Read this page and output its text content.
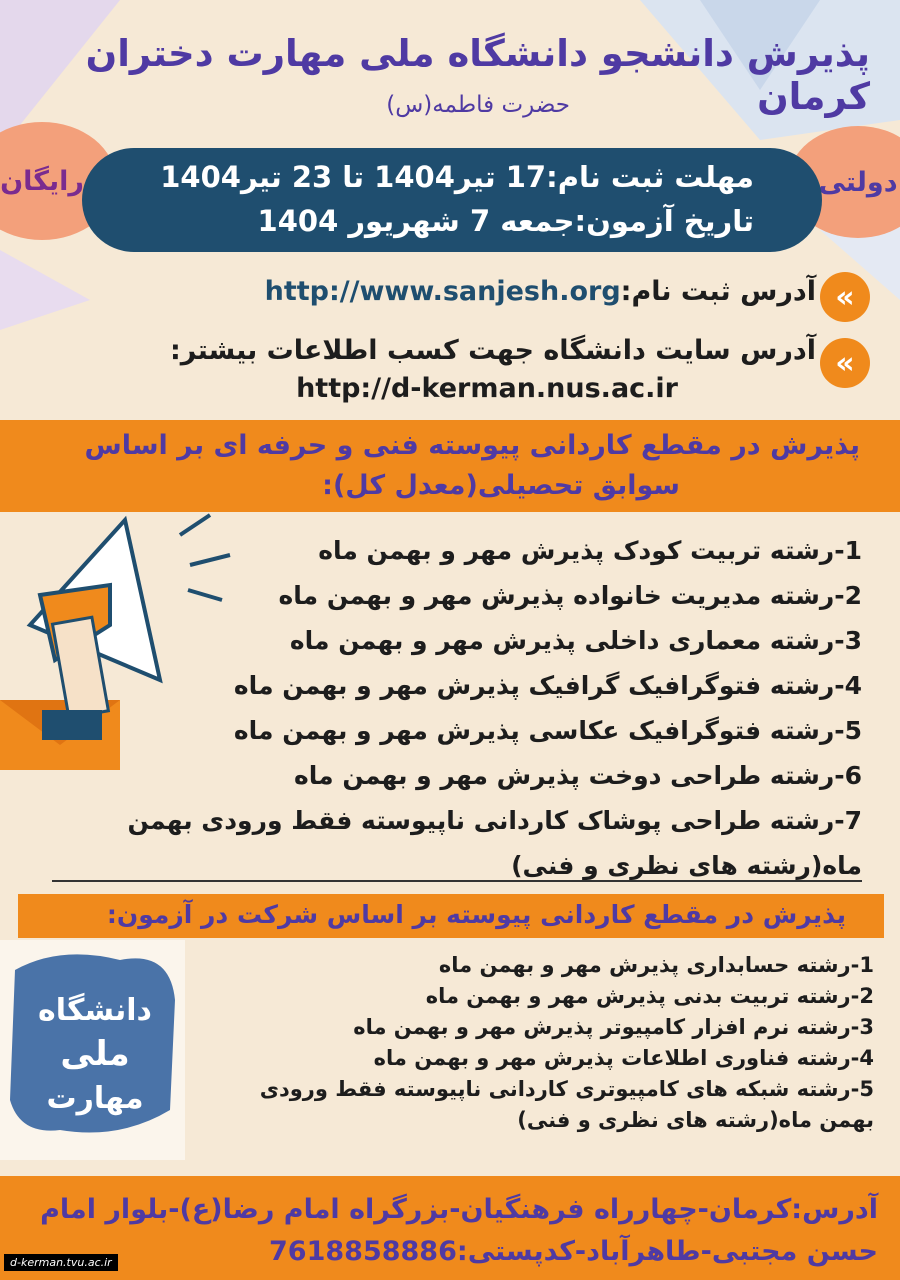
پذیرش دانشجو دانشگاه ملی مهارت دختران کرمان
حضرت فاطمه(س)
رایگان	دولتی
مهلت ثبت نام:17 تیر1404 تا 23 تیر1404
تاریخ آزمون:جمعه 7 شهریور 1404
«
آدرس ثبت نام:http://www.sanjesh.org
«
آدرس سایت دانشگاه جهت کسب اطلاعات بیشتر:
http://d-kerman.nus.ac.ir
پذیرش در مقطع کاردانی پیوسته فنی و حرفه ای بر اساس
سوابق تحصیلی(معدل کل):
1-رشته تربیت کودک پذیرش مهر و بهمن ماه
2-رشته مدیریت خانواده پذیرش مهر و بهمن ماه
3-رشته معماری داخلی پذیرش مهر و بهمن ماه
4-رشته فتوگرافیک گرافیک پذیرش مهر و بهمن ماه
5-رشته فتوگرافیک عکاسی پذیرش مهر و بهمن ماه
6-رشته طراحی دوخت پذیرش مهر و بهمن ماه
7-رشته طراحی پوشاک کاردانی ناپیوسته فقط ورودی بهمن
ماه(رشته های نظری و فنی)
پذیرش در مقطع کاردانی پیوسته بر اساس شرکت در آزمون:
دانشگاه
ملی
مهارت
1-رشته حسابداری پذیرش مهر و بهمن ماه
2-رشته تربیت بدنی پذیرش مهر و بهمن ماه
3-رشته نرم افزار کامپیوتر پذیرش مهر و بهمن ماه
4-رشته فناوری اطلاعات پذیرش مهر و بهمن ماه
5-رشته شبکه های کامپیوتری کاردانی ناپیوسته فقط ورودی
بهمن ماه(رشته های نظری و فنی)
آدرس:کرمان-چهارراه فرهنگیان-بزرگراه امام رضا(ع)-بلوار امام
حسن مجتبی-طاهرآباد-کدپستی:7618858886
d-kerman.tvu.ac.ir
